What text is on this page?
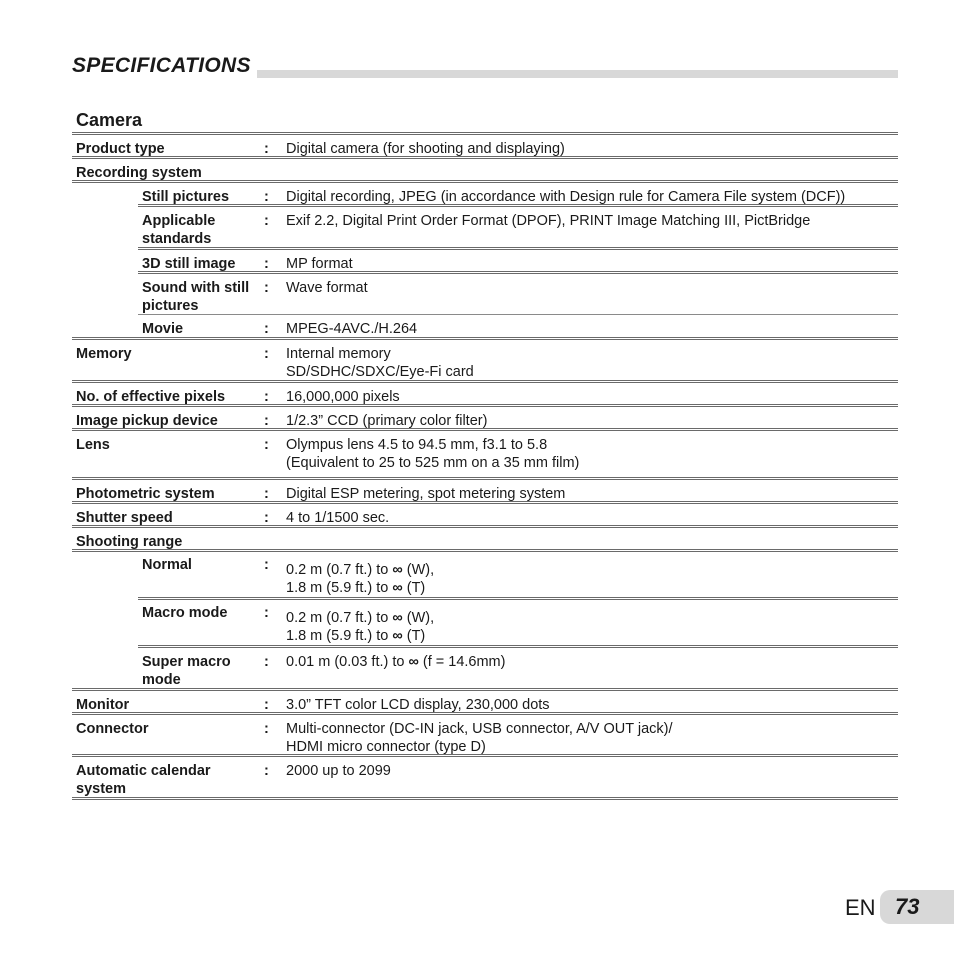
SPECIFICATIONS
Camera
Product type	: Digital camera (for shooting and displaying)
Recording system
Still pictures	: Digital recording, JPEG (in accordance with Design rule for Camera File system (DCF))
Applicable
standards
: Exif 2.2, Digital Print Order Format (DPOF), PRINT Image Matching III, PictBridge
3D still image	: MP format
Sound with still
pictures
: Wave format
Movie	: MPEG-4AVC./H.264
Memory	: Internal memory
SD/SDHC/SDXC/Eye-Fi card
No. of effective pixels	: 16,000,000 pixels
Image pickup device	: 1/2.3” CCD (primary color filter)
Lens	: Olympus lens 4.5 to 94.5 mm, f3.1 to 5.8
(Equivalent to 25 to 525 mm on a 35 mm film)
Photometric system	: Digital ESP metering, spot metering system
Shutter speed	: 4 to 1/1500 sec.
Shooting range
Normal	: 0.2 m (0.7 ft.) to ∞ (W),
1.8 m (5.9 ft.) to ∞ (T)
Macro mode	: 0.2 m (0.7 ft.) to ∞ (W),
1.8 m (5.9 ft.) to ∞ (T)
Super macro
mode
: 0.01 m (0.03 ft.) to ∞ (f = 14.6mm)
Monitor	: 3.0” TFT color LCD display, 230,000 dots
Connector	: Multi-connector (DC-IN jack, USB connector, A/V OUT jack)/
HDMI micro connector (type D)
Automatic calendar
system
: 2000 up to 2099
EN 73
